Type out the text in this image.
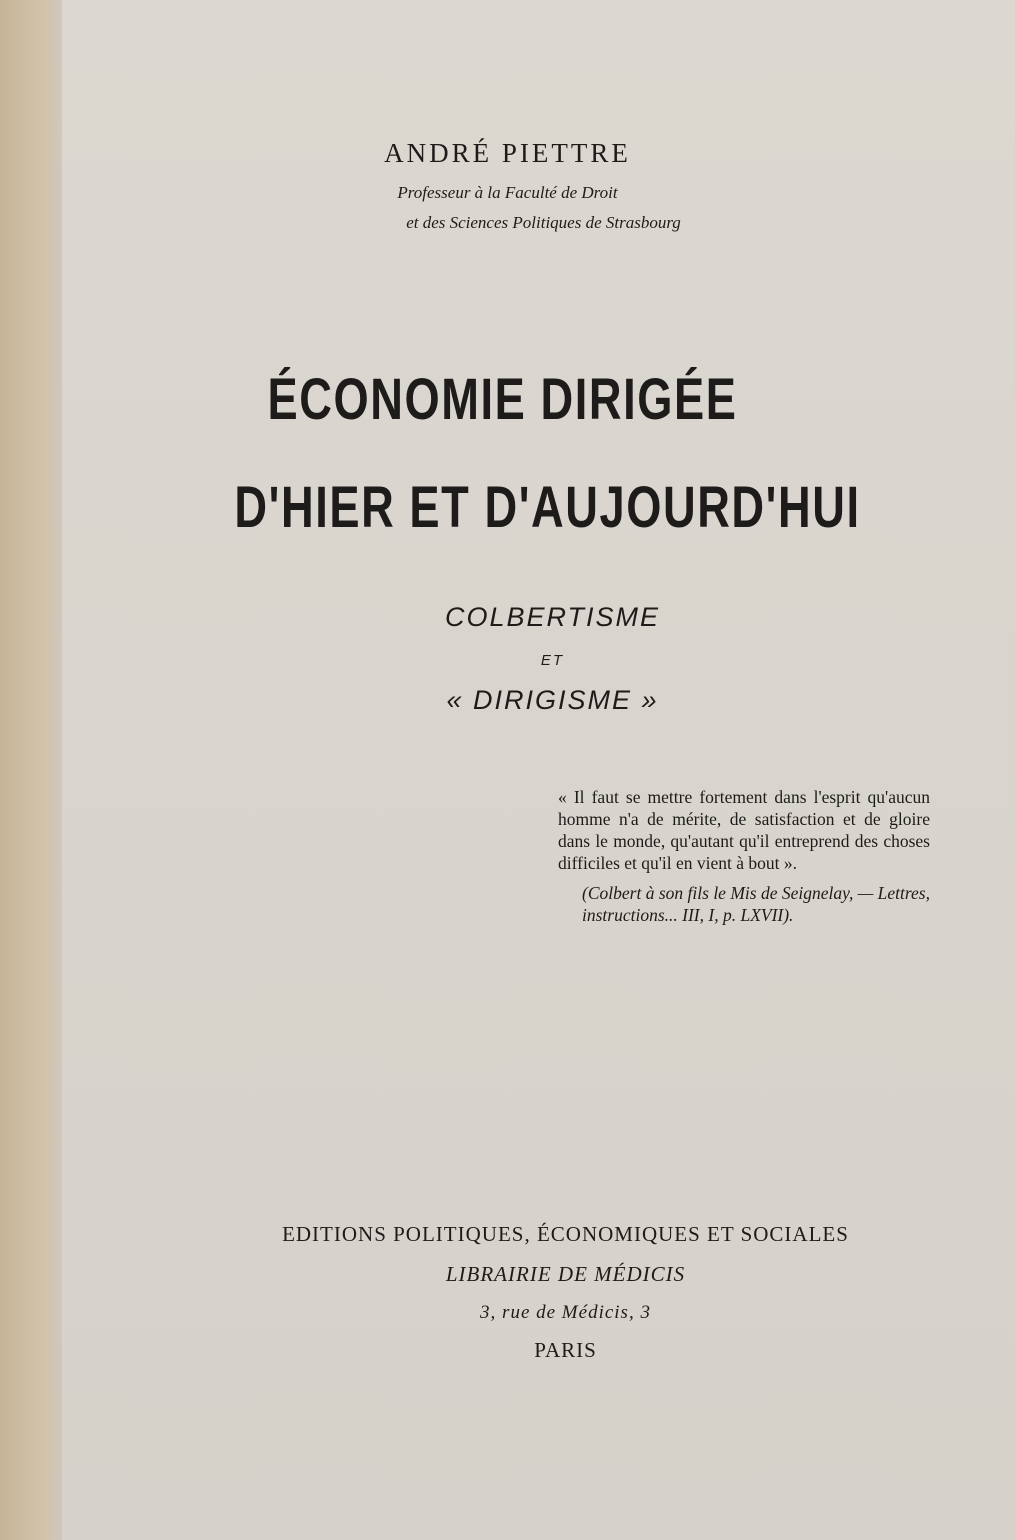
ANDRÉ PIETTRE
Professeur à la Faculté de Droit
et des Sciences Politiques de Strasbourg
ÉCONOMIE DIRIGÉE
D'HIER ET D'AUJOURD'HUI
COLBERTISME
ET
« DIRIGISME »

« Il faut se mettre fortement dans l'esprit qu'aucun homme n'a de mérite, de satisfaction et de gloire dans le monde, qu'autant qu'il entreprend des choses difficiles et qu'il en vient à bout ».

(Colbert à son fils le Mis de Seignelay, — Lettres, instructions... III, I, p. LXVII).

EDITIONS POLITIQUES, ÉCONOMIQUES ET SOCIALES
LIBRAIRIE DE MÉDICIS
3, rue de Médicis, 3
PARIS
